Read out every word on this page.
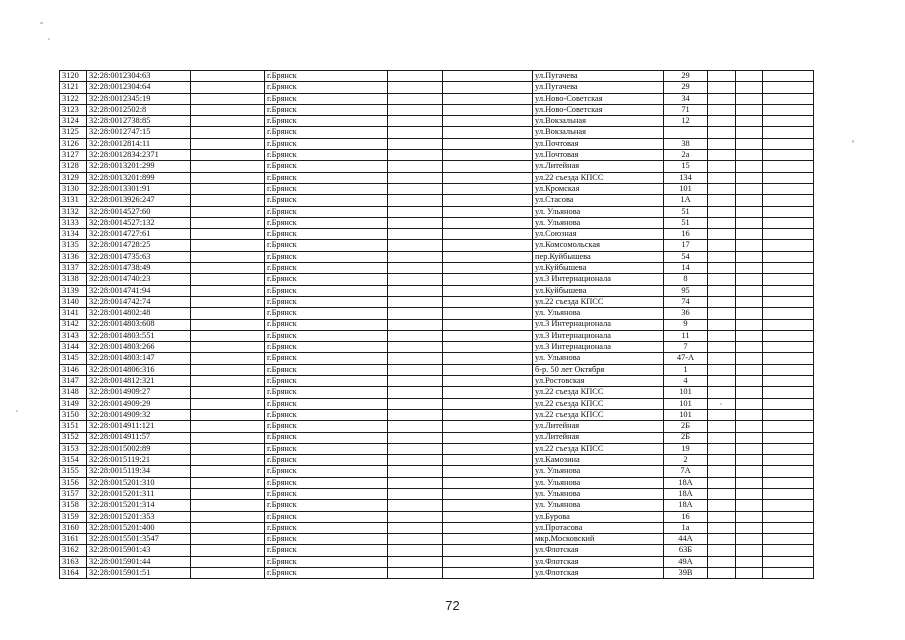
3120	32:28:0012304:63		г.Брянск			ул.Пугачева	29			
3121	32:28:0012304:64		г.Брянск			ул.Пугачева	29			
3122	32:28:0012345:19		г.Брянск			ул.Ново-Советская	34			
3123	32:28:0012502:8		г.Брянск			ул.Ново-Советская	71			
3124	32:28:0012738:85		г.Брянск			ул.Вокзальная	12			
3125	32:28:0012747:15		г.Брянск			ул.Вокзальная				
3126	32:28:0012814:11		г.Брянск			ул.Почтовая	38			
3127	32:28:0012834:2371		г.Брянск			ул.Почтовая	2а			
3128	32:28:0013201:299		г.Брянск			ул.Литейная	15			
3129	32:28:0013201:899		г.Брянск			ул.22 съезда КПСС	134			
3130	32:28:0013301:91		г.Брянск			ул.Кромская	101			
3131	32:28:0013926:247		г.Брянск			ул.Стасова	1А			
3132	32:28:0014527:60		г.Брянск			ул. Ульянова	51			
3133	32:28:0014527:132		г.Брянск			ул. Ульянова	51			
3134	32:28:0014727:61		г.Брянск			ул.Союзная	16			
3135	32:28:0014728:25		г.Брянск			ул.Комсомольская	17			
3136	32:28:0014735:63		г.Брянск			пер.Куйбышева	54			
3137	32:28:0014738:49		г.Брянск			ул.Куйбышева	14			
3138	32:28:0014740:23		г.Брянск			ул.3 Интернационала	8			
3139	32:28:0014741:94		г.Брянск			ул.Куйбышева	95			
3140	32:28:0014742:74		г.Брянск			ул.22 съезда КПСС	74			
3141	32:28:0014802:48		г.Брянск			ул. Ульянова	36			
3142	32:28:0014803:608		г.Брянск			ул.3 Интернационала	9			
3143	32:28:0014803:551		г.Брянск			ул.3 Интернационала	11			
3144	32:28:0014803:266		г.Брянск			ул.3 Интернационала	7			
3145	32:28:0014803:147		г.Брянск			ул. Ульянова	47-А			
3146	32:28:0014806:316		г.Брянск			б-р. 50 лет Октября	1			
3147	32:28:0014812:321		г.Брянск			ул.Ростовская	4			
3148	32:28:0014909:27		г.Брянск			ул.22 съезда КПСС	101			
3149	32:28:0014909:29		г.Брянск			ул.22 съезда КПСС	101			
3150	32:28:0014909:32		г.Брянск			ул.22 съезда КПСС	101			
3151	32:28:0014911:121		г.Брянск			ул.Литейная	2Б			
3152	32:28:0014911:57		г.Брянск			ул.Литейная	2Б			
3153	32:28:0015002:89		г.Брянск			ул.22 съезда КПСС	19			
3154	32:28:0015119:21		г.Брянск			ул.Камозина	2			
3155	32:28:0015119:34		г.Брянск			ул. Ульянова	7А			
3156	32:28:0015201:310		г.Брянск			ул. Ульянова	18А			
3157	32:28:0015201:311		г.Брянск			ул. Ульянова	18А			
3158	32:28:0015201:314		г.Брянск			ул. Ульянова	18А			
3159	32:28:0015201:353		г.Брянск			ул.Бурова	16			
3160	32:28:0015201:400		г.Брянск			ул.Протасова	1а			
3161	32:28:0015501:3547		г.Брянск			мкр.Московский	44А			
3162	32:28:0015901:43		г.Брянск			ул.Флотская	63Б			
3163	32:28:0015901:44		г.Брянск			ул.Флотская	49А			
3164	32:28:0015901:51		г.Брянск			ул.Флотская	39В			
72
